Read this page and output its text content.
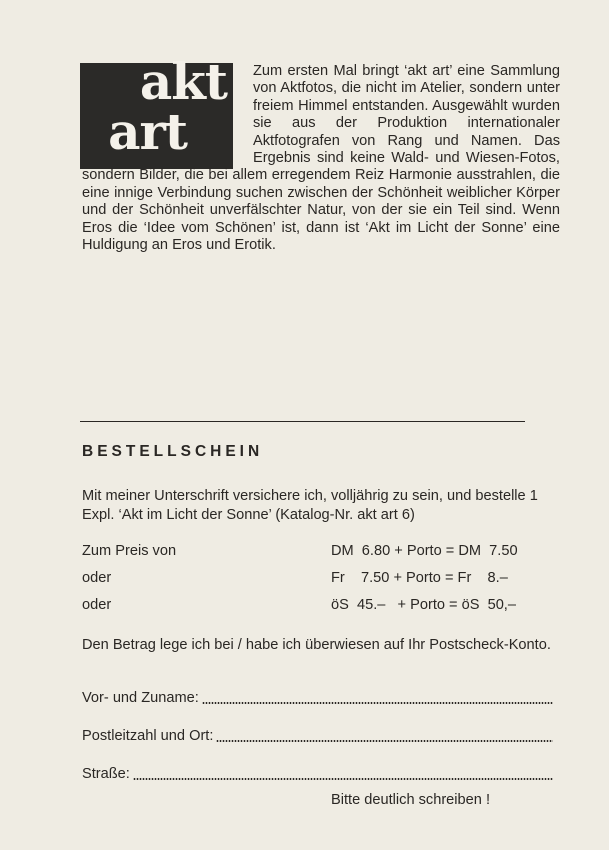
akt
art

Zum ersten Mal bringt ‘akt art’ eine Sammlung von Aktfotos, die nicht im Atelier, sondern unter freiem Himmel entstanden. Ausgewählt wurden sie aus der Produktion internationaler Aktfotografen von Rang und Namen. Das Ergebnis sind keine Wald- und Wiesen-Fotos, sondern Bilder, die bei allem erregendem Reiz Harmonie ausstrahlen, die eine innige Verbindung suchen zwischen der Schönheit weiblicher Körper und der Schönheit unverfälschter Natur, von der sie ein Teil sind. Wenn Eros die ‘Idee vom Schönen’ ist, dann ist ‘Akt im Licht der Sonne’ eine Huldigung an Eros und Erotik.

BESTELLSCHEIN

Mit meiner Unterschrift versichere ich, volljährig zu sein, und bestelle 1 Expl. ‘Akt im Licht der Sonne’ (Katalog-Nr. akt art 6)

Zum Preis von	DM  6.80 + Porto = DM  7.50
oder	Fr    7.50 + Porto = Fr    8.–
oder	öS  45.–   + Porto = öS  50,–

Den Betrag lege ich bei / habe ich überwiesen auf Ihr Postscheck-Konto.

Vor- und Zuname:
Postleitzahl und Ort:
Straße:

Bitte deutlich schreiben !
